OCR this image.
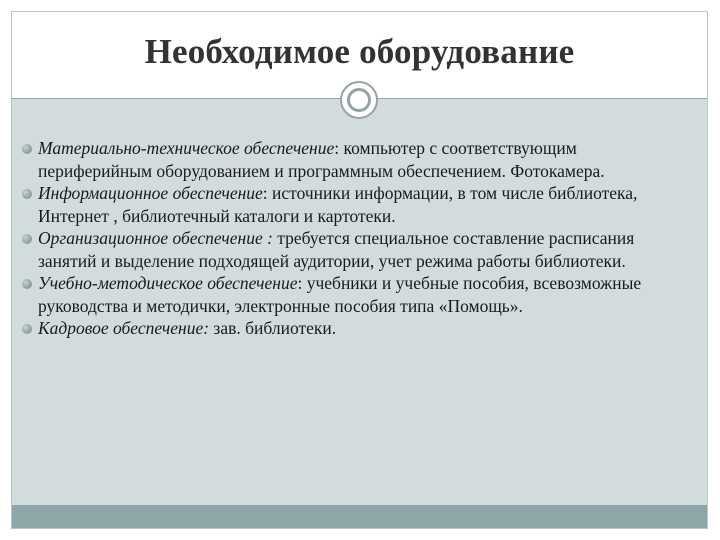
Необходимое оборудование
Материально-техническое обеспечение: компьютер с соответствующим периферийным оборудованием и программным обеспечением. Фотокамера.
Информационное обеспечение: источники информации, в том числе библиотека,   Интернет , библиотечный каталоги и картотеки.
Организационное обеспечение : требуется специальное составление расписания занятий и выделение подходящей аудитории, учет режима работы библиотеки.
Учебно-методическое обеспечение: учебники и учебные пособия, всевозможные руководства и методички, электронные пособия типа «Помощь».
Кадровое обеспечение: зав. библиотеки.
